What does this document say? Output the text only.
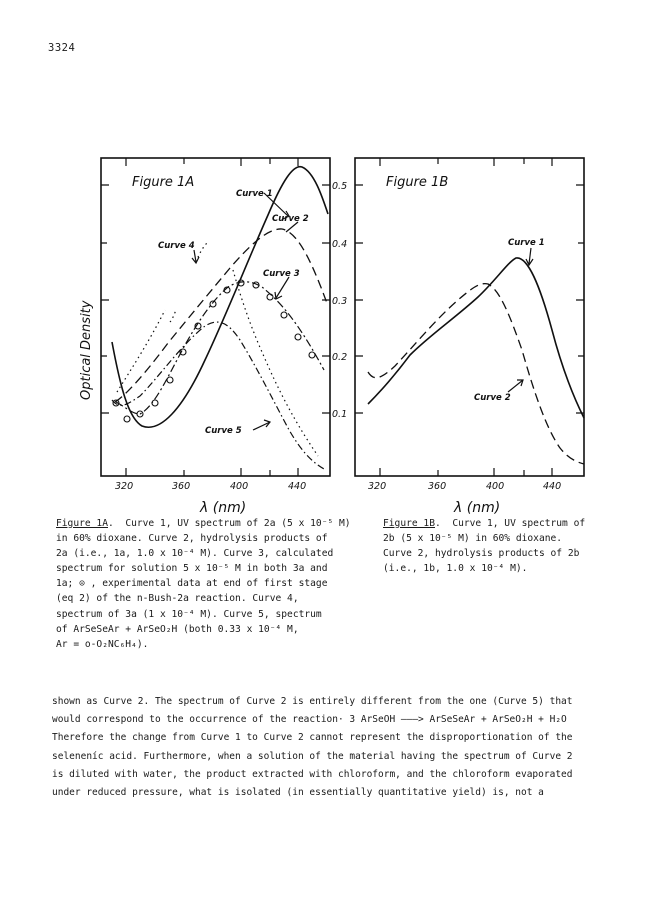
3324
Figure 1A
Curve 1
Curve 2
Curve 4
Curve 3
Curve 5
Optical Density
320	360	400	440
λ (nm)
0.5
0.4
0.3
0.2
0.1
Figure 1B
Curve 1
Curve 2
320	360	400	440
λ (nm)
Figure 1A.  Curve 1, UV spectrum of 2a (5 x 10⁻⁵ M)
in 60% dioxane. Curve 2, hydrolysis products of
2a (i.e., 1a, 1.0 x 10⁻⁴ M). Curve 3, calculated
spectrum for solution 5 x 10⁻⁵ M in both 3a and
1a; ⊙ , experimental data at end of first stage
(eq 2) of the n-Bush-2a reaction. Curve 4,
spectrum of 3a (1 x 10⁻⁴ M). Curve 5, spectrum
of ArSeSeAr + ArSeO₂H (both 0.33 x 10⁻⁴ M,
Ar = o-O₂NC₆H₄).
Figure 1B.  Curve 1, UV spectrum of
2b (5 x 10⁻⁵ M) in 60% dioxane.
Curve 2, hydrolysis products of 2b
(i.e., 1b, 1.0 x 10⁻⁴ M).
shown as Curve 2. The spectrum of Curve 2 is entirely different from the one (Curve 5) that
would correspond to the occurrence of the reaction· 3 ArSeOH ———> ArSeSeAr + ArSeO₂H + H₂O
Therefore the change from Curve 1 to Curve 2 cannot represent the disproportionation of the
seleneníc acid. Furthermore, when a solution of the material having the spectrum of Curve 2
is diluted with water, the product extracted with chloroform, and the chloroform evaporated
under reduced pressure, what is isolated (in essentially quantitative yield) is, not a
